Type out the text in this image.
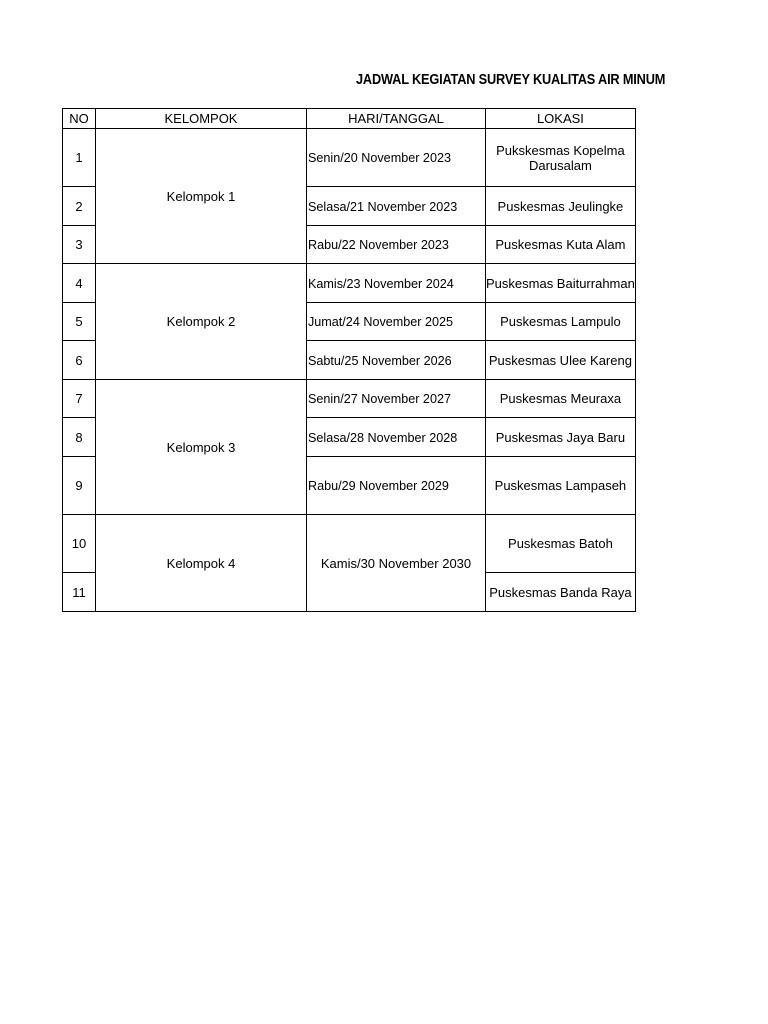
JADWAL KEGIATAN SURVEY KUALITAS AIR MINUM
NO	KELOMPOK	HARI/TANGGAL	LOKASI
1	Kelompok 1	Senin/20 November 2023	Pukskesmas Kopelma Darusalam
2		Selasa/21 November 2023	Puskesmas Jeulingke
3		Rabu/22 November 2023	Puskesmas Kuta Alam
4	Kelompok 2	Kamis/23 November 2024	Puskesmas Baiturrahman
5		Jumat/24 November 2025	Puskesmas Lampulo
6		Sabtu/25 November 2026	Puskesmas Ulee Kareng
7	Kelompok 3	Senin/27 November 2027	Puskesmas Meuraxa
8		Selasa/28 November 2028	Puskesmas Jaya Baru
9		Rabu/29 November 2029	Puskesmas Lampaseh
10	Kelompok 4	Kamis/30 November 2030	Puskesmas Batoh
11			Puskesmas Banda Raya
